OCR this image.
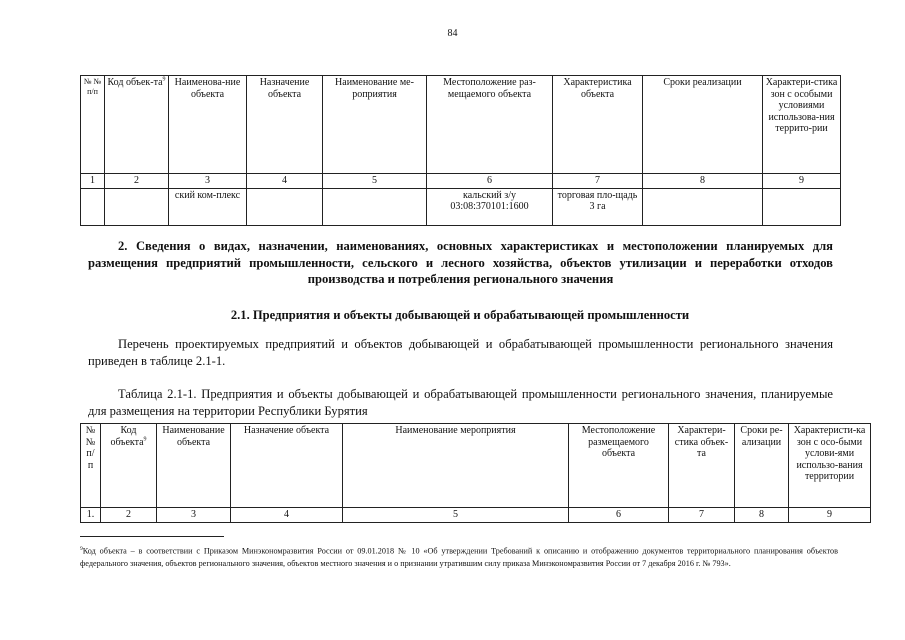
84
№ № п/п	Код объек-$та^9$	Наименова-ние объекта	Назначение объекта	Наименование ме-роприятия	Местоположение раз-мещаемого объекта	Характеристика объекта	Сроки реализации	Характери-стика зон с особыми условиями использова-ния террито-рии
1	2	3	4	5	6	7	8	9
		ский ком-плекс			кальский з/у 03:08:370101:1600	торговая пло-щадь 3 га		
2. Сведения о видах, назначении, наименованиях, основных характеристиках и местоположении планируемых для размещения предприятий промышленности, сельского и лесного хозяйства, объектов утилизации и переработки отходов производства и потребления регионального значения
2.1. Предприятия и объекты добывающей и обрабатывающей промышленности
Перечень проектируемых предприятий и объектов добывающей и обрабатывающей промышленности регионального значения приведен в таблице 2.1-1.
Таблица 2.1-1. Предприятия и объекты добывающей и обрабатывающей промышленности регионального значения, планируемые для размещения на территории Республики Бурятия
№ № п/ п	Код объекта$^9$	Наименование объекта	Назначение объекта	Наименование мероприятия	Местоположение размещаемого объекта	Характери-стика объек-та	Сроки ре-ализации	Характеристи-ка зон с осо-быми услови-ями использо-вания территории
1.	2	3	4	5	6	7	8	9
$^9$Код объекта – в соответствии с Приказом Минэкономразвития России от 09.01.2018 № 10 «Об утверждении Требований к описанию и отображению документов территориального планирования объектов федерального значения, объектов регионального значения, объектов местного значения и о признании утратившим силу приказа Минэкономразвития России от 7 декабря 2016 г. № 793».
